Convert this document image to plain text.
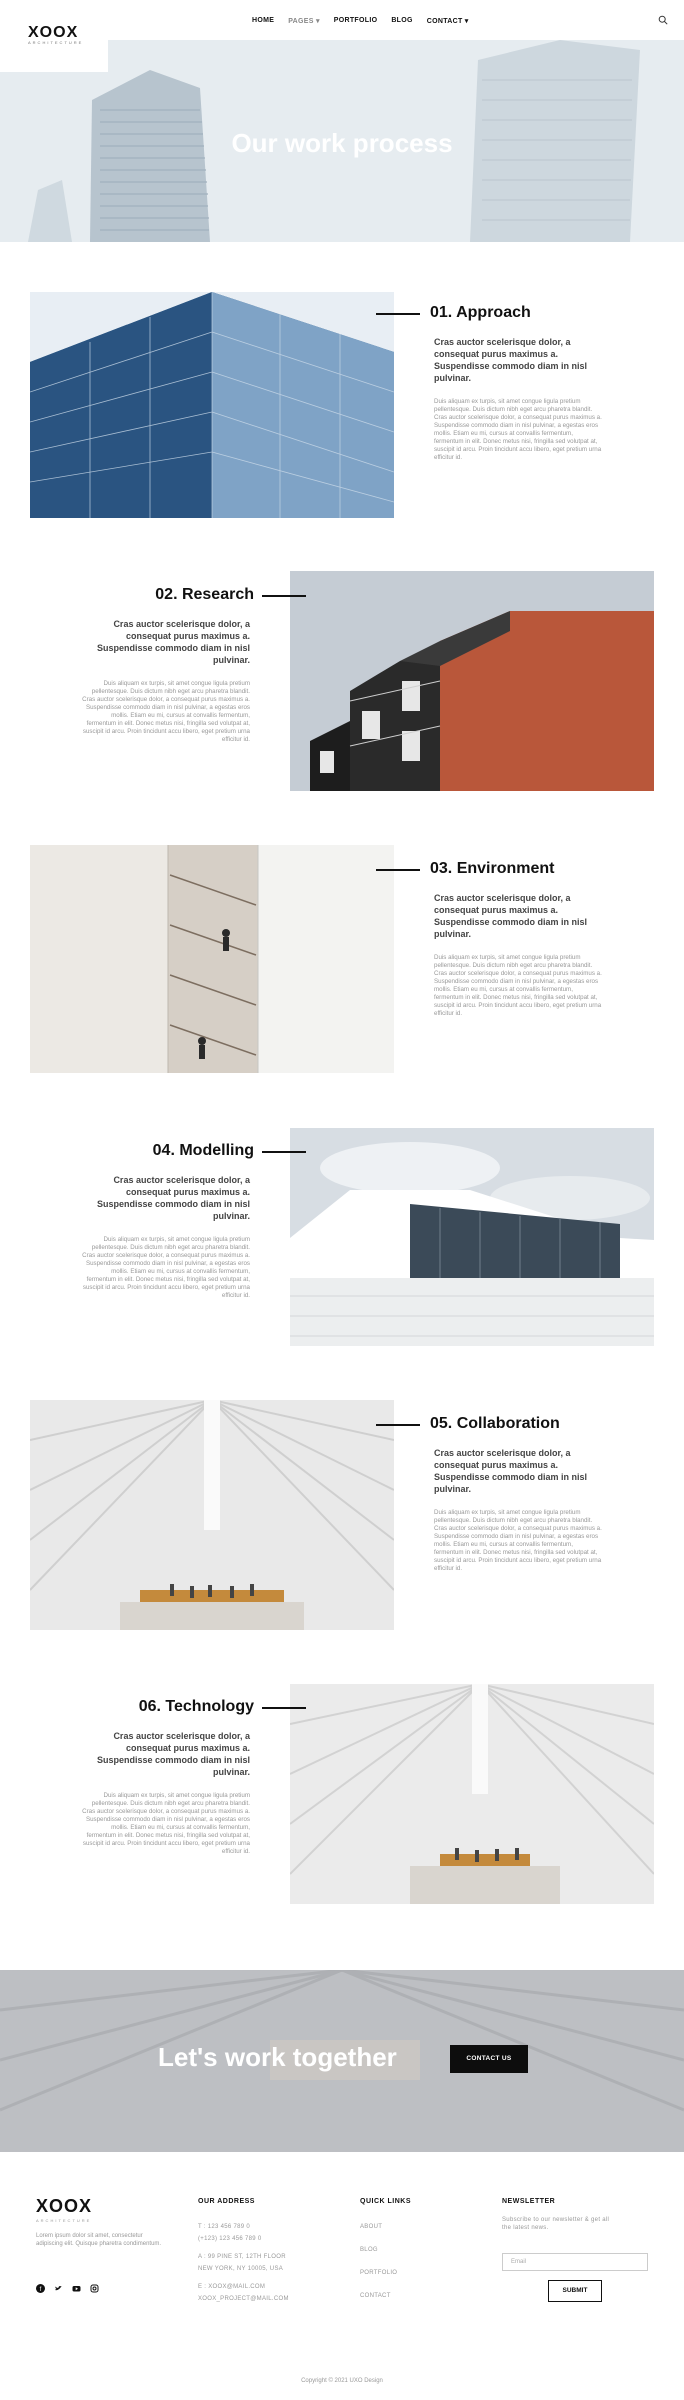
HOME PAGES ▾ PORTFOLIO BLOG CONTACT ▾
XOOX
ARCHITECTURE
Our work process
01. Approach
Cras auctor scelerisque dolor, a consequat purus maximus a. Suspendisse commodo diam in nisl pulvinar.
Duis aliquam ex turpis, sit amet congue ligula pretium pellentesque. Duis dictum nibh eget arcu pharetra blandit. Cras auctor scelerisque dolor, a consequat purus maximus a. Suspendisse commodo diam in nisl pulvinar, a egestas eros mollis. Etiam eu mi, cursus at convallis fermentum, fermentum in elit. Donec metus nisi, fringilla sed volutpat at, suscipit id arcu. Proin tincidunt accu libero, eget pretium urna efficitur id.
02. Research
Cras auctor scelerisque dolor, a consequat purus maximus a. Suspendisse commodo diam in nisl pulvinar.
Duis aliquam ex turpis, sit amet congue ligula pretium pellentesque. Duis dictum nibh eget arcu pharetra blandit. Cras auctor scelerisque dolor, a consequat purus maximus a. Suspendisse commodo diam in nisl pulvinar, a egestas eros mollis. Etiam eu mi, cursus at convallis fermentum, fermentum in elit. Donec metus nisi, fringilla sed volutpat at, suscipit id arcu. Proin tincidunt accu libero, eget pretium urna efficitur id.
03. Environment
Cras auctor scelerisque dolor, a consequat purus maximus a. Suspendisse commodo diam in nisl pulvinar.
Duis aliquam ex turpis, sit amet congue ligula pretium pellentesque. Duis dictum nibh eget arcu pharetra blandit. Cras auctor scelerisque dolor, a consequat purus maximus a. Suspendisse commodo diam in nisl pulvinar, a egestas eros mollis. Etiam eu mi, cursus at convallis fermentum, fermentum in elit. Donec metus nisi, fringilla sed volutpat at, suscipit id arcu. Proin tincidunt accu libero, eget pretium urna efficitur id.
04. Modelling
Cras auctor scelerisque dolor, a consequat purus maximus a. Suspendisse commodo diam in nisl pulvinar.
Duis aliquam ex turpis, sit amet congue ligula pretium pellentesque. Duis dictum nibh eget arcu pharetra blandit. Cras auctor scelerisque dolor, a consequat purus maximus a. Suspendisse commodo diam in nisl pulvinar, a egestas eros mollis. Etiam eu mi, cursus at convallis fermentum, fermentum in elit. Donec metus nisi, fringilla sed volutpat at, suscipit id arcu. Proin tincidunt accu libero, eget pretium urna efficitur id.
05. Collaboration
Cras auctor scelerisque dolor, a consequat purus maximus a. Suspendisse commodo diam in nisl pulvinar.
Duis aliquam ex turpis, sit amet congue ligula pretium pellentesque. Duis dictum nibh eget arcu pharetra blandit. Cras auctor scelerisque dolor, a consequat purus maximus a. Suspendisse commodo diam in nisl pulvinar, a egestas eros mollis. Etiam eu mi, cursus at convallis fermentum, fermentum in elit. Donec metus nisi, fringilla sed volutpat at, suscipit id arcu. Proin tincidunt accu libero, eget pretium urna efficitur id.
06. Technology
Cras auctor scelerisque dolor, a consequat purus maximus a. Suspendisse commodo diam in nisl pulvinar.
Duis aliquam ex turpis, sit amet congue ligula pretium pellentesque. Duis dictum nibh eget arcu pharetra blandit. Cras auctor scelerisque dolor, a consequat purus maximus a. Suspendisse commodo diam in nisl pulvinar, a egestas eros mollis. Etiam eu mi, cursus at convallis fermentum, fermentum in elit. Donec metus nisi, fringilla sed volutpat at, suscipit id arcu. Proin tincidunt accu libero, eget pretium urna efficitur id.
Let's work together	CONTACT US
XOOX
ARCHITECTURE
Lorem ipsum dolor sit amet, consectetur adipiscing elit. Quisque pharetra condimentum.
f
OUR ADDRESS
T : 123 456 789 0
(+123) 123 456 789 0
A : 99 PINE ST, 12TH FLOOR
NEW YORK, NY 10005, USA
E : XOOX@MAIL.COM
XOOX_PROJECT@MAIL.COM
QUICK LINKS
ABOUT
BLOG
PORTFOLIO
CONTACT
NEWSLETTER
Subscribe to our newsletter & get all the latest news.
Email
SUBMIT
Copyright © 2021 UXO Design
